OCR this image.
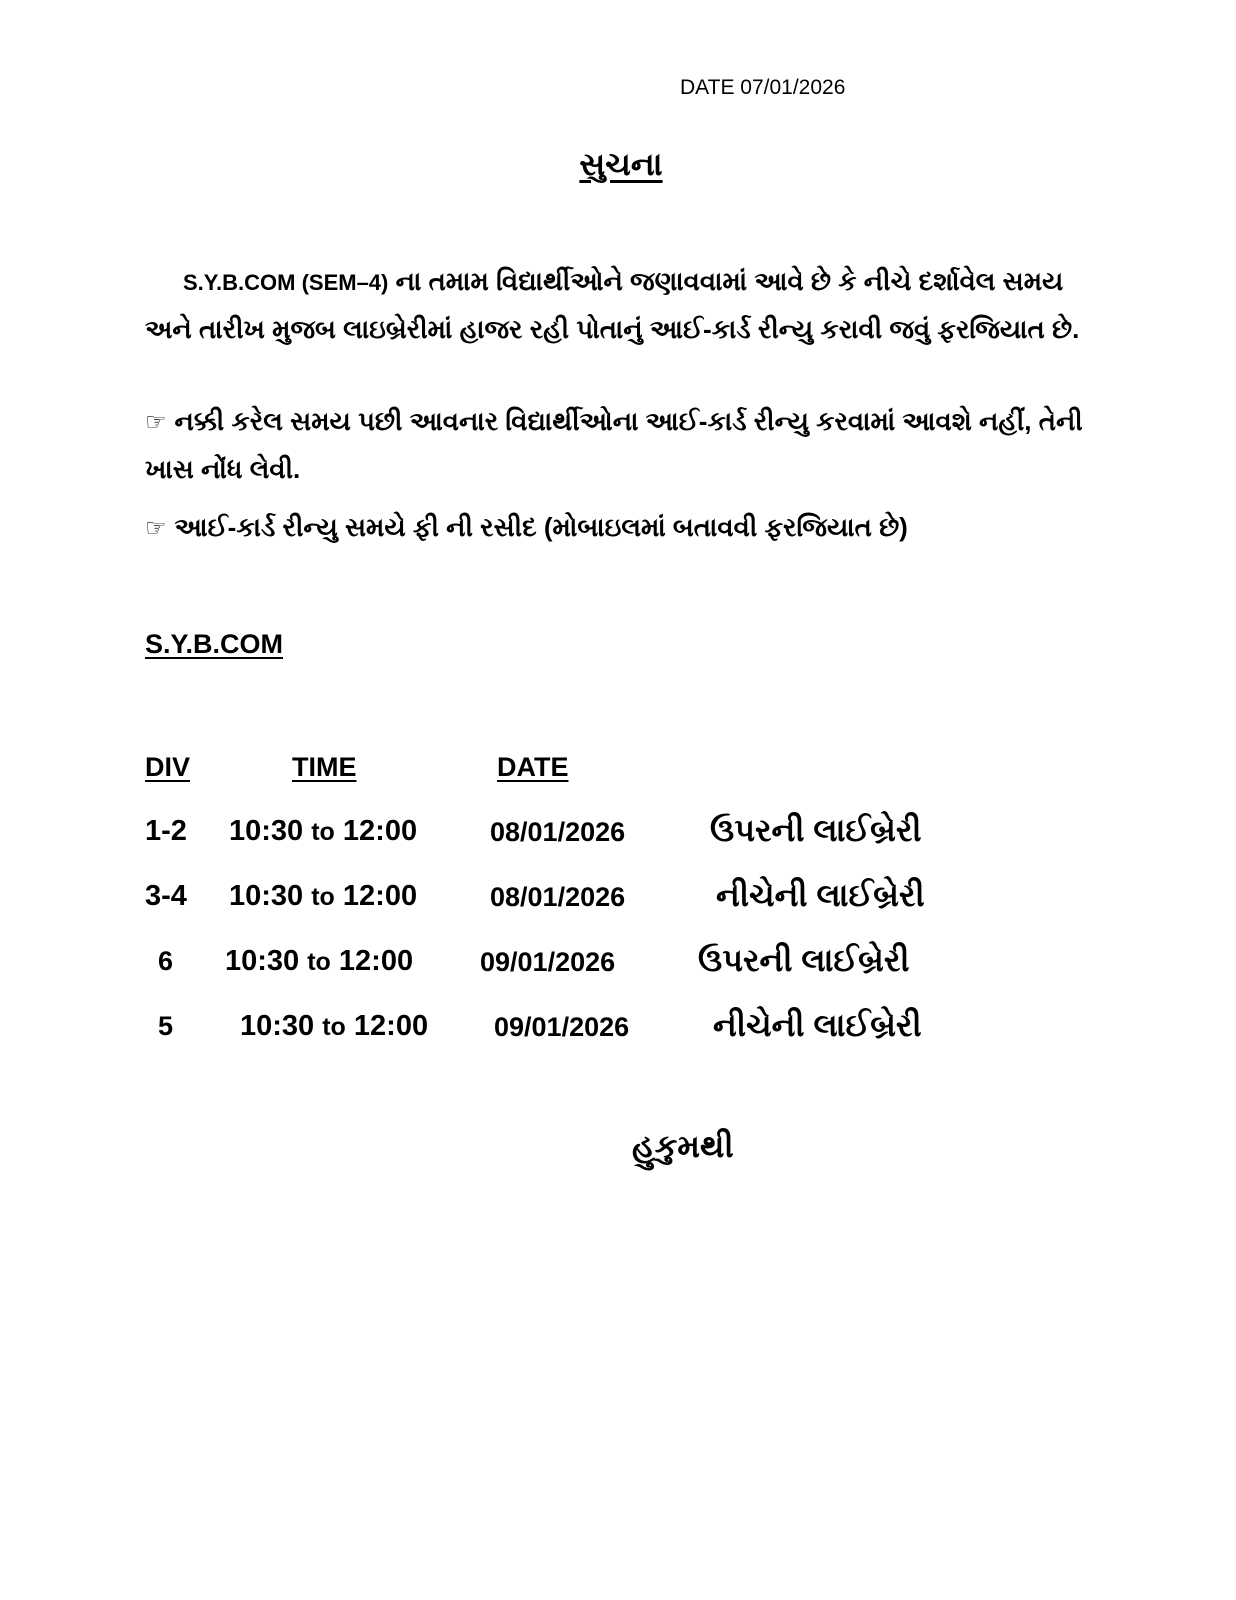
DATE 07/01/2026
સુચના
S.Y.B.COM (SEM–4) ના તમામ વિદ્યાર્થીઓને જણાવવામાં આવે છે કે નીચે દર્શાવેલ સમય અને તારીખ મુજબ લાઇબ્રેરીમાં હાજર રહી પોતાનું આઈ-કાર્ડ રીન્યુ કરાવી જવું ફરજિયાત છે.
☞ નક્કી કરેલ સમય પછી આવનાર વિદ્યાર્થીઓના આઈ-કાર્ડ રીન્યુ કરવામાં આવશે નહીં, તેની ખાસ નોંધ લેવી.
☞ આઈ-કાર્ડ રીન્યુ સમયે ફી ની રસીદ (મોબાઇલમાં બતાવવી ફરજિયાત છે)
S.Y.B.COM
DIV	TIME	DATE
1-2 10:30 to 12:00	08/01/2026	ઉપરની લાઈબ્રેરી
3-4 10:30 to 12:00	08/01/2026	નીચેની લાઈબ્રેરી
6 10:30 to 12:00 09/01/2026	ઉપરની લાઈબ્રેરી
5 10:30 to 12:00 09/01/2026	નીચેની લાઈબ્રેરી
હુકુમથી
